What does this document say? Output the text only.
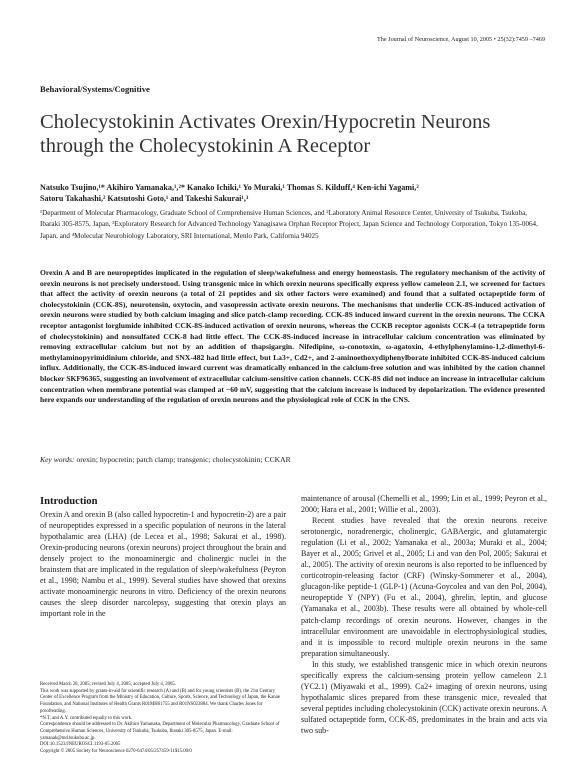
The Journal of Neuroscience, August 10, 2005 • 25(32):7459 –7469
Behavioral/Systems/Cognitive
Cholecystokinin Activates Orexin/Hypocretin Neurons
through the Cholecystokinin A Receptor
Natsuko Tsujino,¹* Akihiro Yamanaka,¹,²* Kanako Ichiki,¹ Yo Muraki,¹ Thomas S. Kilduff,⁴ Ken-ichi Yagami,²
Satoru Takahashi,² Katsutoshi Goto,¹ and Takeshi Sakurai¹,³
¹Department of Molecular Pharmacology, Graduate School of Comprehensive Human Sciences, and ²Laboratory Animal Resource Center, University of Tsukuba, Tsukuba, Ibaraki 305-8575, Japan, ³Exploratory Research for Advanced Technology Yanagisawa Orphan Receptor Project, Japan Science and Technology Corporation, Tokyo 135-0064, Japan, and ⁴Molecular Neurobiology Laboratory, SRI International, Menlo Park, California 94025
Orexin A and B are neuropeptides implicated in the regulation of sleep/wakefulness and energy homeostasis. The regulatory mechanism of the activity of orexin neurons is not precisely understood. Using transgenic mice in which orexin neurons specifically express yellow cameleon 2.1, we screened for factors that affect the activity of orexin neurons (a total of 21 peptides and six other factors were examined) and found that a sulfated octapeptide form of cholecystokinin (CCK-8S), neurotensin, oxytocin, and vasopressin activate orexin neurons. The mechanisms that underlie CCK-8S-induced activation of orexin neurons were studied by both calcium imaging and slice patch-clamp recording. CCK-8S induced inward current in the orexin neurons. The CCKA receptor antagonist lorglumide inhibited CCK-8S-induced activation of orexin neurons, whereas the CCKB receptor agonists CCK-4 (a tetrapeptide form of cholecystokinin) and nonsulfated CCK-8 had little effect. The CCK-8S-induced increase in intracellular calcium concentration was eliminated by removing extracellular calcium but not by an addition of thapsigargin. Nifedipine, ω-conotoxin, ω-agatoxin, 4-ethylphenylamino-1,2-dimethyl-6-methylaminopyrimidinium chloride, and SNX-482 had little effect, but La3+, Cd2+, and 2-aminoethoxydiphenylborate inhibited CCK-8S-induced calcium influx. Additionally, the CCK-8S-induced inward current was dramatically enhanced in the calcium-free solution and was inhibited by the cation channel blocker SKF96365, suggesting an involvement of extracellular calcium-sensitive cation channels. CCK-8S did not induce an increase in intracellular calcium concentration when membrane potential was clamped at −60 mV, suggesting that the calcium increase is induced by depolarization. The evidence presented here expands our understanding of the regulation of orexin neurons and the physiological role of CCK in the CNS.
Key words: orexin; hypocretin; patch clamp; transgenic; cholecystokinin; CCKAR
Introduction
Orexin A and orexin B (also called hypocretin-1 and hypocretin-2) are a pair of neuropeptides expressed in a specific population of neurons in the lateral hypothalamic area (LHA) (de Lecea et al., 1998; Sakurai et al., 1998). Orexin-producing neurons (orexin neurons) project throughout the brain and densely project to the monoaminergic and cholinergic nuclei in the brainstem that are implicated in the regulation of sleep/wakefulness (Peyron et al., 1998; Nambu et al., 1999). Several studies have showed that orexins activate monoaminergic neurons in vitro. Deficiency of the orexin neurons causes the sleep disorder narcolepsy, suggesting that orexin plays an important role in the

maintenance of arousal (Chemelli et al., 1999; Lin et al., 1999; Peyron et al., 2000; Hara et al., 2001; Willie et al., 2003).

Recent studies have revealed that the orexin neurons receive serotonergic, noradrenergic, cholinergic, GABAergic, and glutamatergic regulation (Li et al., 2002; Yamanaka et al., 2003a; Muraki et al., 2004; Bayer et al., 2005; Grivel et al., 2005; Li and van den Pol, 2005; Sakurai et al., 2005). The activity of orexin neurons is also reported to be influenced by corticotropin-releasing factor (CRF) (Winsky-Sommerer et al., 2004), glucagon-like peptide-1 (GLP-1) (Acuna-Goycolea and van den Pol, 2004), neuropeptide Y (NPY) (Fu et al., 2004), ghrelin, leptin, and glucose (Yamanaka et al., 2003b). These results were all obtained by whole-cell patch-clamp recordings of orexin neurons. However, changes in the intracellular environment are unavoidable in electrophysiological studies, and it is impossible to record multiple orexin neurons in the same preparation simultaneously.

In this study, we established transgenic mice in which orexin neurons specifically express the calcium-sensing protein yellow cameleon 2.1 (YC2.1) (Miyawaki et al., 1999). Ca2+ imaging of orexin neurons, using hypothalamic slices prepared from these transgenic mice, revealed that several peptides including cholecystokinin (CCK) activate orexin neurons. A sulfated octapeptide form, CCK-8S, predominates in the brain and acts via two sub-

Received March 28, 2005; revised July 4, 2005; accepted July 4, 2005.
This work was supported by grants-in-aid for scientific research (A) and (B) and for young scientists (B), the 21st Century Center of Excellence Program from the Ministry of Education, Culture, Sports, Science, and Technology of Japan, the Kanae Foundation, and National Institutes of Health Grants R01MH61755 and R01NS023884. We thank Charles Jones for proofreading.
*N.T. and A.Y. contributed equally to this work.
Correspondence should be addressed to Dr. Akihiro Yamanaka, Department of Molecular Pharmacology, Graduate School of Comprehensive Human Sciences, University of Tsukuba, Tsukuba, Ibaraki 305-8575, Japan. E-mail: yamanak@md.tsukuba.ac.jp.
DOI:10.1523/JNEUROSCI.1193-05.2005
Copyright © 2005 Society for Neuroscience 0270-6474/05/257459-11$15.00/0
